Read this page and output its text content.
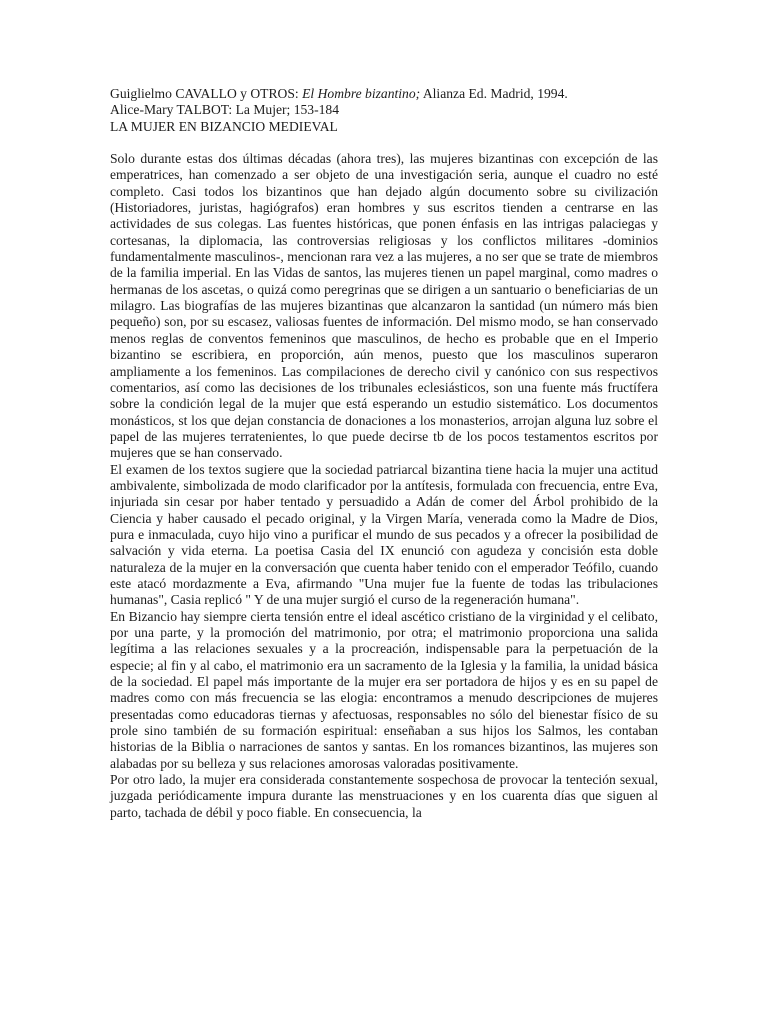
Guiglielmo CAVALLO y OTROS: El Hombre bizantino; Alianza Ed. Madrid, 1994.
Alice-Mary TALBOT: La Mujer; 153-184
LA MUJER EN BIZANCIO MEDIEVAL

Solo durante estas dos últimas décadas (ahora tres), las mujeres bizantinas con excepción de las emperatrices, han comenzado a ser objeto de una investigación seria, aunque el cuadro no esté completo. Casi todos los bizantinos que han dejado algún documento sobre su civilización (Historiadores, juristas, hagiógrafos) eran hombres y sus escritos tienden a centrarse en las actividades de sus colegas. Las fuentes históricas, que ponen énfasis en las intrigas palaciegas y cortesanas, la diplomacia, las controversias religiosas y los conflictos militares -dominios fundamentalmente masculinos-, mencionan rara vez a las mujeres, a no ser que se trate de miembros de la familia imperial. En las Vidas de santos, las mujeres tienen un papel marginal, como madres o hermanas de los ascetas, o quizá como peregrinas que se dirigen a un santuario o beneficiarias de un milagro. Las biografías de las mujeres bizantinas que alcanzaron la santidad (un número más bien pequeño) son, por su escasez, valiosas fuentes de información. Del mismo modo, se han conservado menos reglas de conventos femeninos que masculinos, de hecho es probable que en el Imperio bizantino se escribiera, en proporción, aún menos, puesto que los masculinos superaron ampliamente a los femeninos. Las compilaciones de derecho civil y canónico con sus respectivos comentarios, así como las decisiones de los tribunales eclesiásticos, son una fuente más fructífera sobre la condición legal de la mujer que está esperando un estudio sistemático. Los documentos monásticos, st los que dejan constancia de donaciones a los monasterios, arrojan alguna luz sobre el papel de las mujeres terratenientes, lo que puede decirse tb de los pocos testamentos escritos por mujeres que se han conservado.

El examen de los textos sugiere que la sociedad patriarcal bizantina tiene hacia la mujer una actitud ambivalente, simbolizada de modo clarificador por la antítesis, formulada con frecuencia, entre Eva, injuriada sin cesar por haber tentado y persuadido a Adán de comer del Árbol prohibido de la Ciencia y haber causado el pecado original, y la Virgen María, venerada como la Madre de Dios, pura e inmaculada, cuyo hijo vino a purificar el mundo de sus pecados y a ofrecer la posibilidad de salvación y vida eterna. La poetisa Casia del IX enunció con agudeza y concisión esta doble naturaleza de la mujer en la conversación que cuenta haber tenido con el emperador Teófilo, cuando este atacó mordazmente a Eva, afirmando "Una mujer fue la fuente de todas las tribulaciones humanas", Casia replicó " Y de una mujer surgió el curso de la regeneración humana".

En Bizancio hay siempre cierta tensión entre el ideal ascético cristiano de la virginidad y el celibato, por una parte, y la promoción del matrimonio, por otra; el matrimonio proporciona una salida legítima a las relaciones sexuales y a la procreación, indispensable para la perpetuación de la especie; al fin y al cabo, el matrimonio era un sacramento de la Iglesia y la familia, la unidad básica de la sociedad. El papel más importante de la mujer era ser portadora de hijos y es en su papel de madres como con más frecuencia se las elogia: encontramos a menudo descripciones de mujeres presentadas como educadoras tiernas y afectuosas, responsables no sólo del bienestar físico de su prole sino también de su formación espiritual: enseñaban a sus hijos los Salmos, les contaban historias de la Biblia o narraciones de santos y santas. En los romances bizantinos, las mujeres son alabadas por su belleza y sus relaciones amorosas valoradas positivamente.

Por otro lado, la mujer era considerada constantemente sospechosa de provocar la tenteción sexual, juzgada periódicamente impura durante las menstruaciones y en los cuarenta días que siguen al parto, tachada de débil y poco fiable. En consecuencia, la
